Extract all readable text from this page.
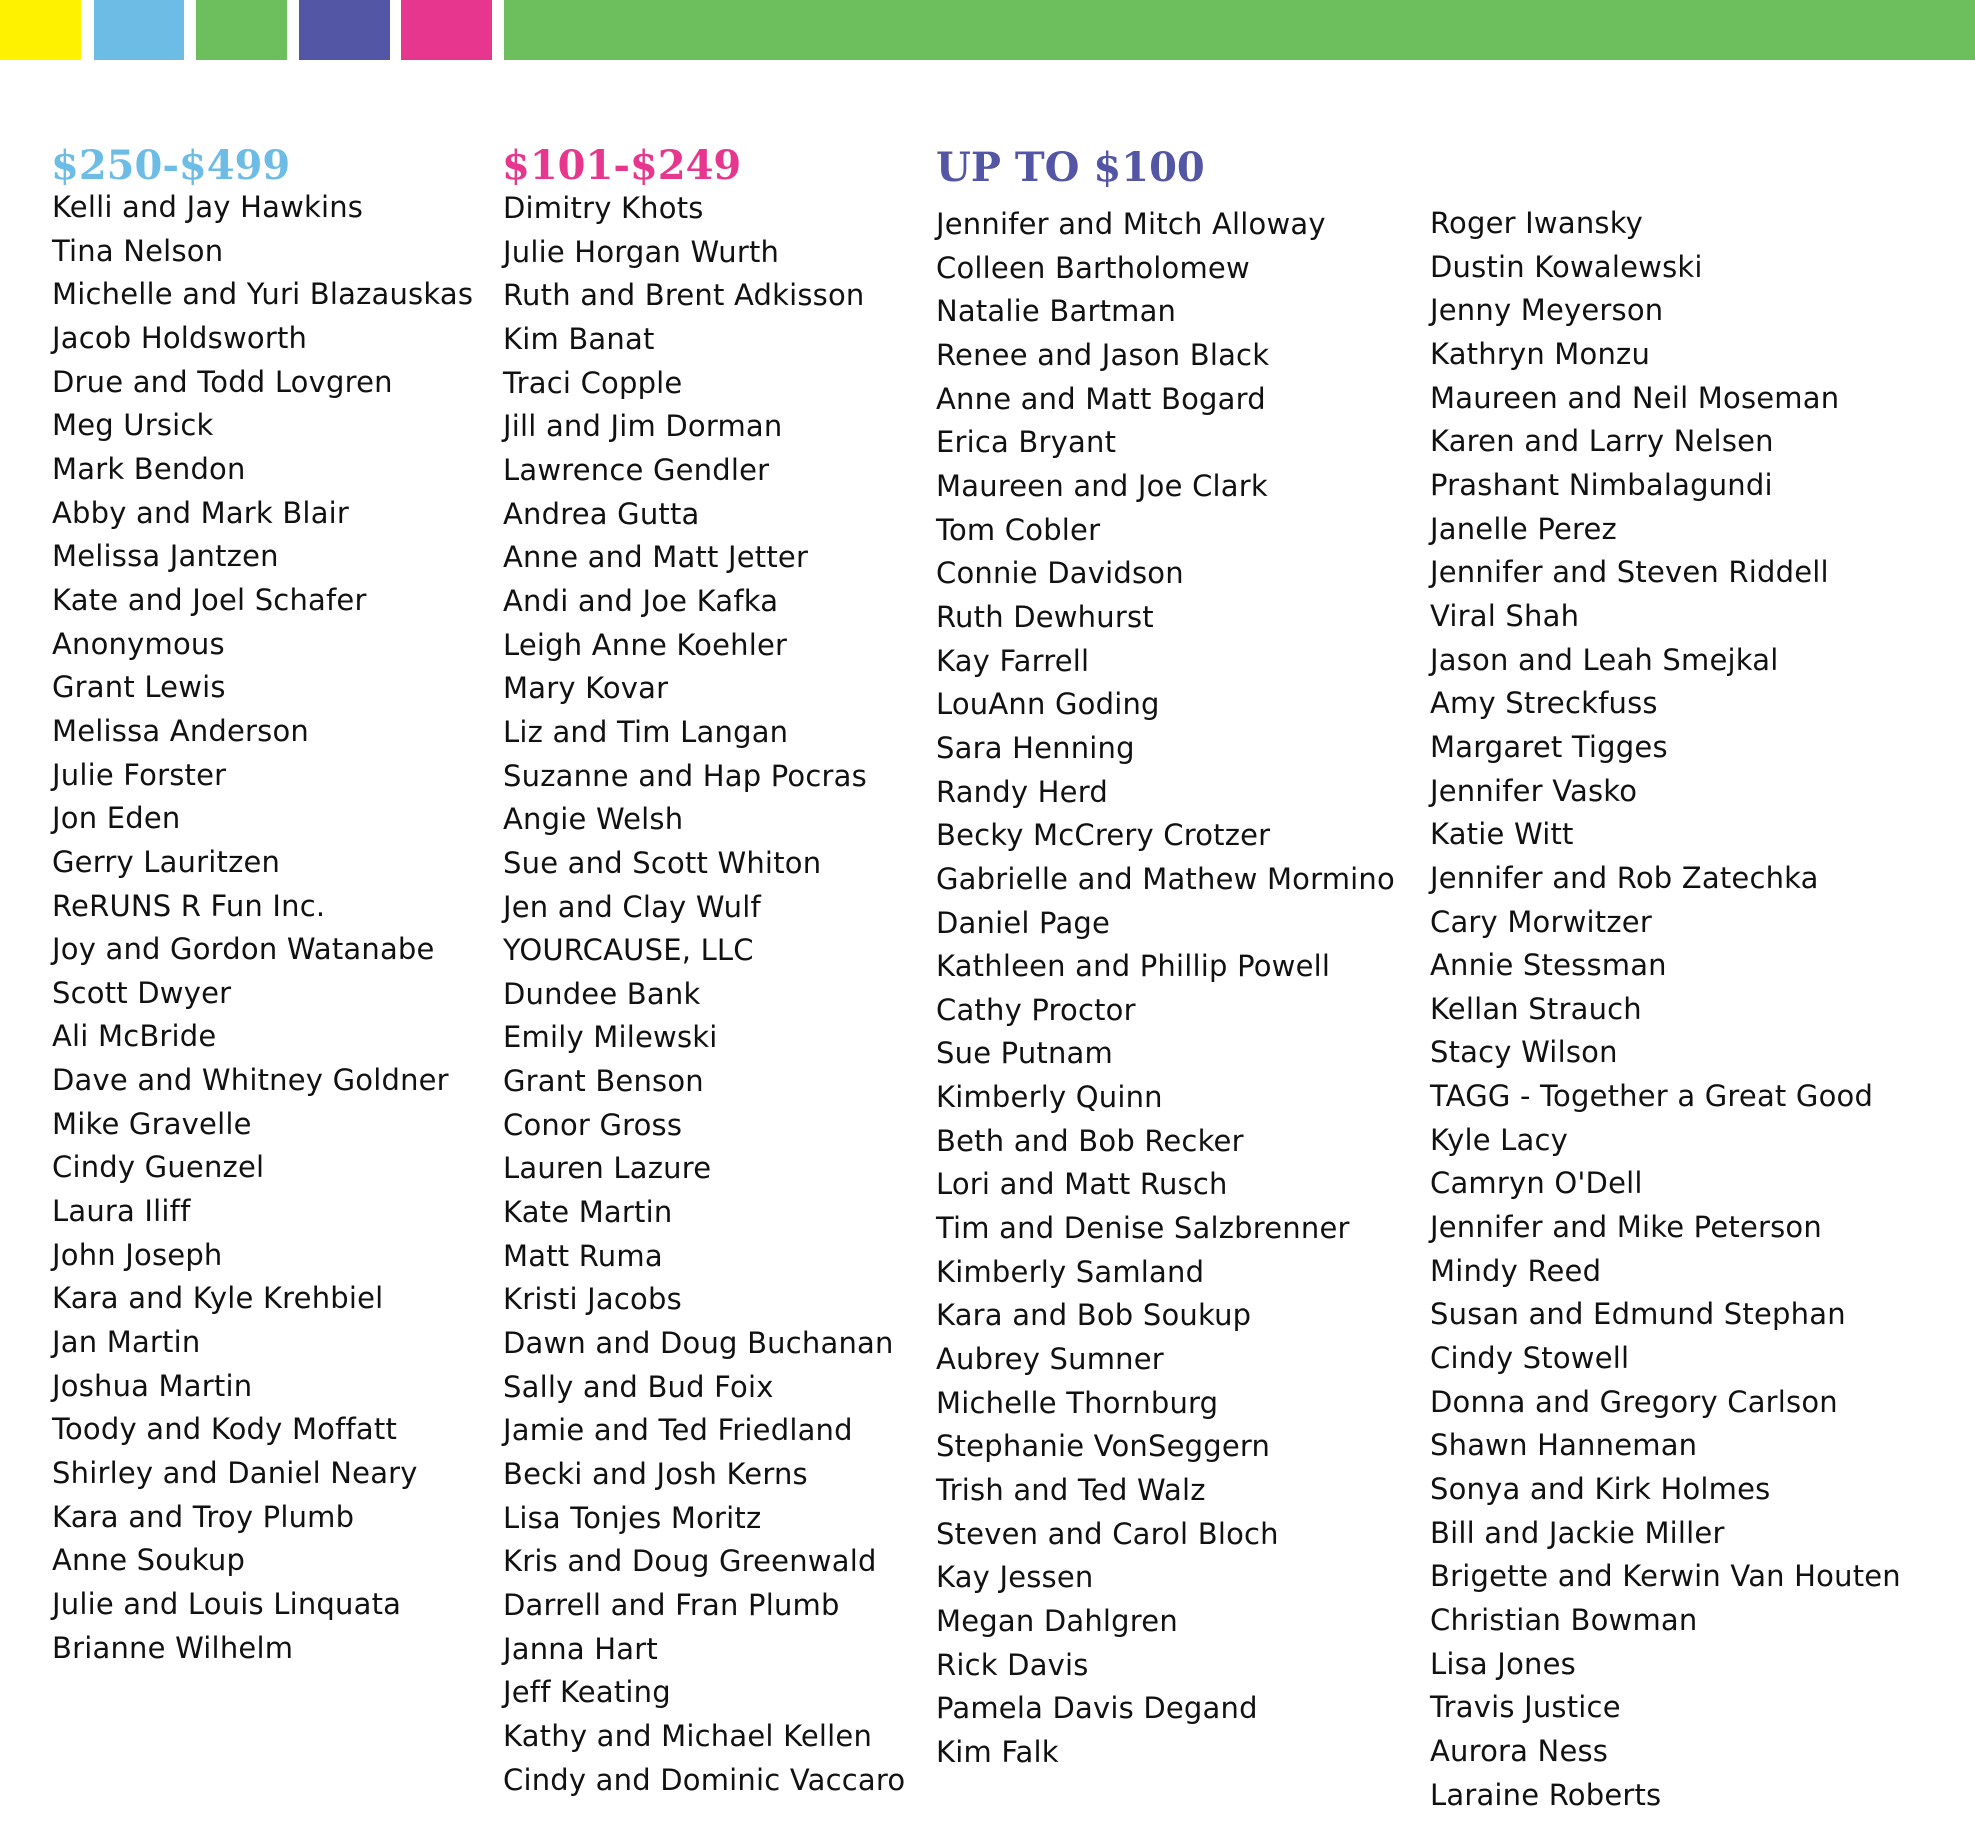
$250-$499	$101-$249	UP TO $100
Kelli and Jay Hawkins
Tina Nelson
Michelle and Yuri Blazauskas
Jacob Holdsworth
Drue and Todd Lovgren
Meg Ursick
Mark Bendon
Abby and Mark Blair
Melissa Jantzen
Kate and Joel Schafer
Anonymous
Grant Lewis
Melissa Anderson
Julie Forster
Jon Eden
Gerry Lauritzen
ReRUNS R Fun Inc.
Joy and Gordon Watanabe
Scott Dwyer
Ali McBride
Dave and Whitney Goldner
Mike Gravelle
Cindy Guenzel
Laura Iliff
John Joseph
Kara and Kyle Krehbiel
Jan Martin
Joshua Martin
Toody and Kody Moffatt
Shirley and Daniel Neary
Kara and Troy Plumb
Anne Soukup
Julie and Louis Linquata
Brianne Wilhelm
Dimitry Khots
Julie Horgan Wurth
Ruth and Brent Adkisson
Kim Banat
Traci Copple
Jill and Jim Dorman
Lawrence Gendler
Andrea Gutta
Anne and Matt Jetter
Andi and Joe Kafka
Leigh Anne Koehler
Mary Kovar
Liz and Tim Langan
Suzanne and Hap Pocras
Angie Welsh
Sue and Scott Whiton
Jen and Clay Wulf
YOURCAUSE, LLC
Dundee Bank
Emily Milewski
Grant Benson
Conor Gross
Lauren Lazure
Kate Martin
Matt Ruma
Kristi Jacobs
Dawn and Doug Buchanan
Sally and Bud Foix
Jamie and Ted Friedland
Becki and Josh Kerns
Lisa Tonjes Moritz
Kris and Doug Greenwald
Darrell and Fran Plumb
Janna Hart
Jeff Keating
Kathy and Michael Kellen
Cindy and Dominic Vaccaro
Jennifer and Mitch Alloway
Colleen Bartholomew
Natalie Bartman
Renee and Jason Black
Anne and Matt Bogard
Erica Bryant
Maureen and Joe Clark
Tom Cobler
Connie Davidson
Ruth Dewhurst
Kay Farrell
LouAnn Goding
Sara Henning
Randy Herd
Becky McCrery Crotzer
Gabrielle and Mathew Mormino
Daniel Page
Kathleen and Phillip Powell
Cathy Proctor
Sue Putnam
Kimberly Quinn
Beth and Bob Recker
Lori and Matt Rusch
Tim and Denise Salzbrenner
Kimberly Samland
Kara and Bob Soukup
Aubrey Sumner
Michelle Thornburg
Stephanie VonSeggern
Trish and Ted Walz
Steven and Carol Bloch
Kay Jessen
Megan Dahlgren
Rick Davis
Pamela Davis Degand
Kim Falk
Roger Iwansky
Dustin Kowalewski
Jenny Meyerson
Kathryn Monzu
Maureen and Neil Moseman
Karen and Larry Nelsen
Prashant Nimbalagundi
Janelle Perez
Jennifer and Steven Riddell
Viral Shah
Jason and Leah Smejkal
Amy Streckfuss
Margaret Tigges
Jennifer Vasko
Katie Witt
Jennifer and Rob Zatechka
Cary Morwitzer
Annie Stessman
Kellan Strauch
Stacy Wilson
TAGG - Together a Great Good
Kyle Lacy
Camryn O'Dell
Jennifer and Mike Peterson
Mindy Reed
Susan and Edmund Stephan
Cindy Stowell
Donna and Gregory Carlson
Shawn Hanneman
Sonya and Kirk Holmes
Bill and Jackie Miller
Brigette and Kerwin Van Houten
Christian Bowman
Lisa Jones
Travis Justice
Aurora Ness
Laraine Roberts
